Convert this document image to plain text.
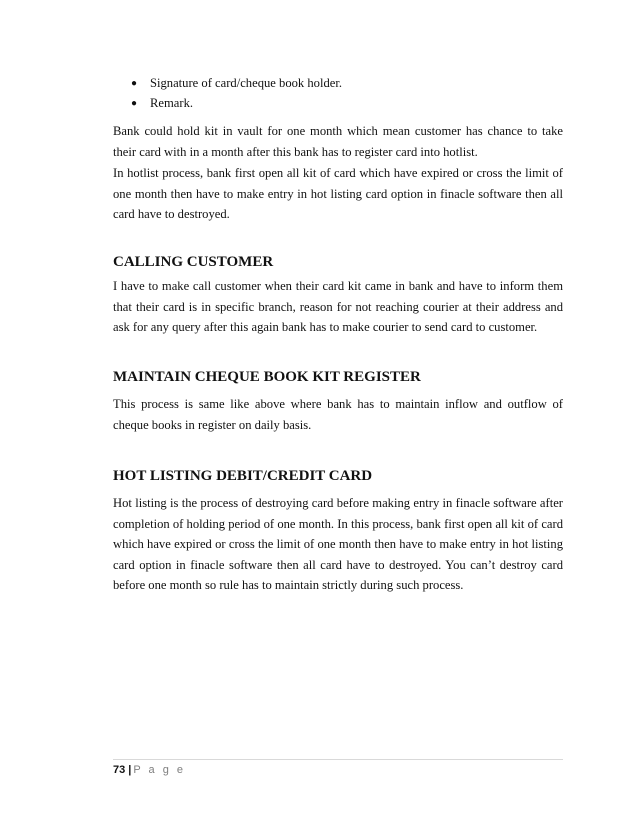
●	Signature of card/cheque book holder.
●	Remark.

Bank could hold kit in vault for one month which mean customer has chance to take their card with in a month after this bank has to register card into hotlist.

In hotlist process, bank first open all kit of card which have expired or cross the limit of one month then have to make entry in hot listing card option in finacle software then all card have to destroyed.

CALLING CUSTOMER

I have to make call customer when their card kit came in bank and have to inform them that their card is in specific branch, reason for not reaching courier at their address and ask for any query after this again bank has to make courier to send card to customer.

MAINTAIN CHEQUE BOOK KIT REGISTER

This process is same like above where bank has to maintain inflow and outflow of cheque books in register on daily basis.

HOT LISTING DEBIT/CREDIT CARD

Hot listing is the process of destroying card before making entry in finacle software after completion of holding period of one month. In this process, bank first open all kit of card which have expired or cross the limit of one month then have to make entry in hot listing card option in finacle software then all card have to destroyed. You can’t destroy card before one month so rule has to maintain strictly during such process.

73 | P a g e
